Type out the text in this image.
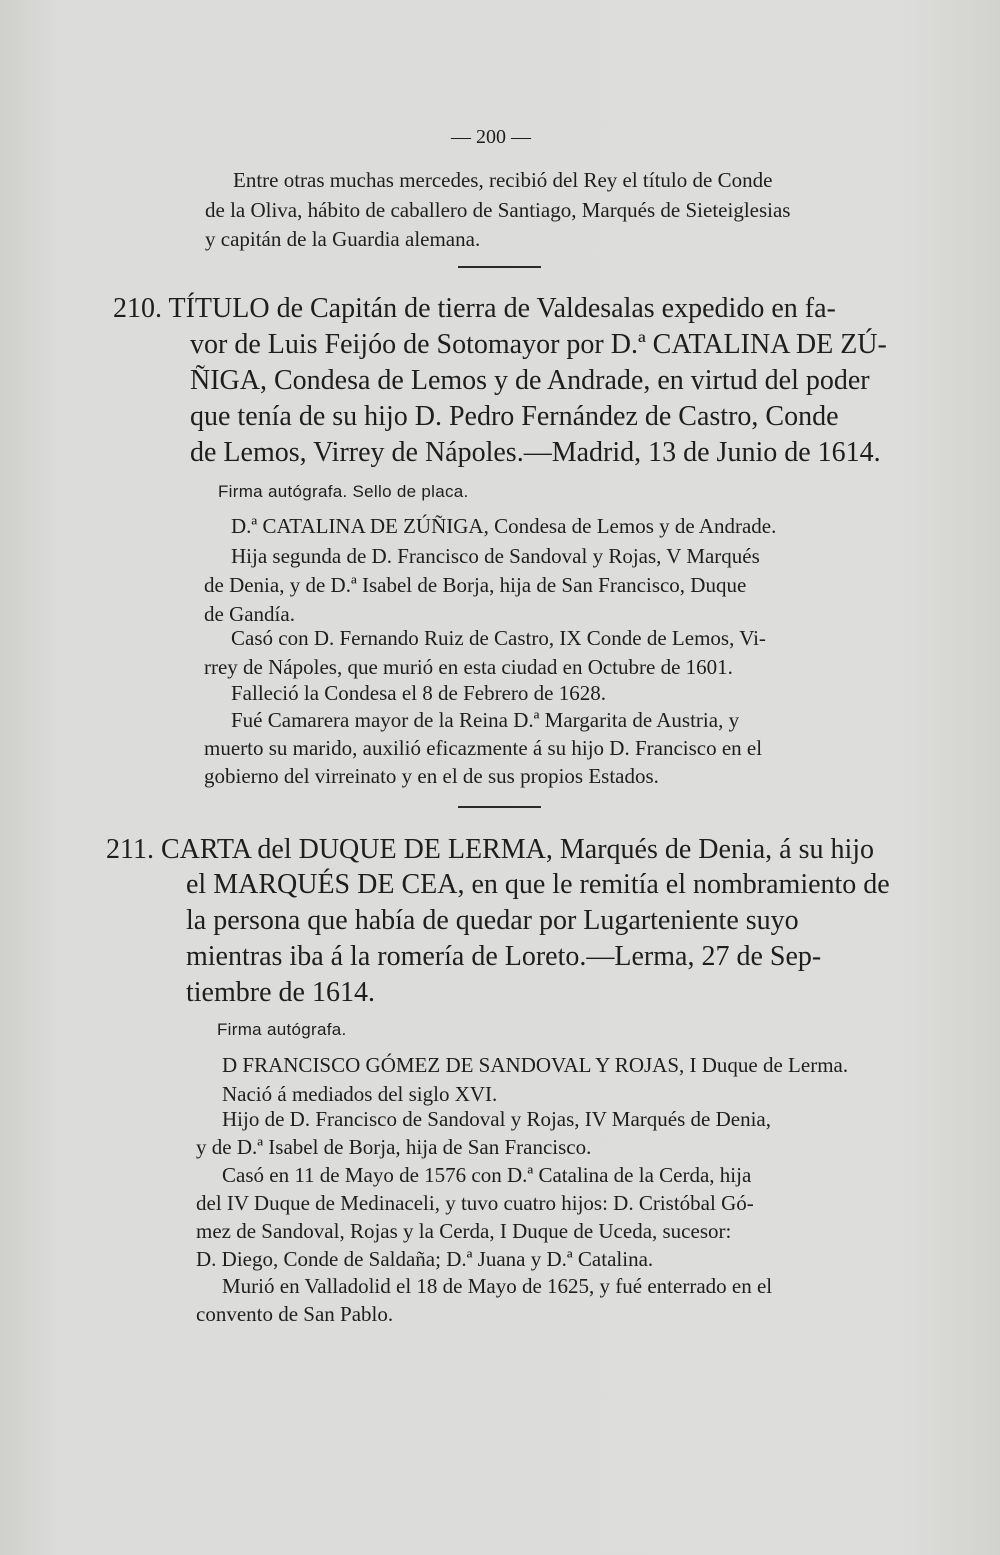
— 200 —
Entre otras muchas mercedes, recibió del Rey el título de Conde
de la Oliva, hábito de caballero de Santiago, Marqués de Sieteiglesias
y capitán de la Guardia alemana.
210. TÍTULO de Capitán de tierra de Valdesalas expedido en fa-
vor de Luis Feijóo de Sotomayor por D.ª CATALINA DE ZÚ-
ÑIGA, Condesa de Lemos y de Andrade, en virtud del poder
que tenía de su hijo D. Pedro Fernández de Castro, Conde
de Lemos, Virrey de Nápoles.—Madrid, 13 de Junio de 1614.
Firma autógrafa. Sello de placa.
D.ª CATALINA DE ZÚÑIGA, Condesa de Lemos y de Andrade.
Hija segunda de D. Francisco de Sandoval y Rojas, V Marqués
de Denia, y de D.ª Isabel de Borja, hija de San Francisco, Duque
de Gandía.
Casó con D. Fernando Ruiz de Castro, IX Conde de Lemos, Vi-
rrey de Nápoles, que murió en esta ciudad en Octubre de 1601.
Falleció la Condesa el 8 de Febrero de 1628.
Fué Camarera mayor de la Reina D.ª Margarita de Austria, y
muerto su marido, auxilió eficazmente á su hijo D. Francisco en el
gobierno del virreinato y en el de sus propios Estados.
211. CARTA del DUQUE DE LERMA, Marqués de Denia, á su hijo
el MARQUÉS DE CEA, en que le remitía el nombramiento de
la persona que había de quedar por Lugarteniente suyo
mientras iba á la romería de Loreto.—Lerma, 27 de Sep-
tiembre de 1614.
Firma autógrafa.
D FRANCISCO GÓMEZ DE SANDOVAL Y ROJAS, I Duque de Lerma.
Nació á mediados del siglo XVI.
Hijo de D. Francisco de Sandoval y Rojas, IV Marqués de Denia,
y de D.ª Isabel de Borja, hija de San Francisco.
Casó en 11 de Mayo de 1576 con D.ª Catalina de la Cerda, hija
del IV Duque de Medinaceli, y tuvo cuatro hijos: D. Cristóbal Gó-
mez de Sandoval, Rojas y la Cerda, I Duque de Uceda, sucesor:
D. Diego, Conde de Saldaña; D.ª Juana y D.ª Catalina.
Murió en Valladolid el 18 de Mayo de 1625, y fué enterrado en el
convento de San Pablo.
